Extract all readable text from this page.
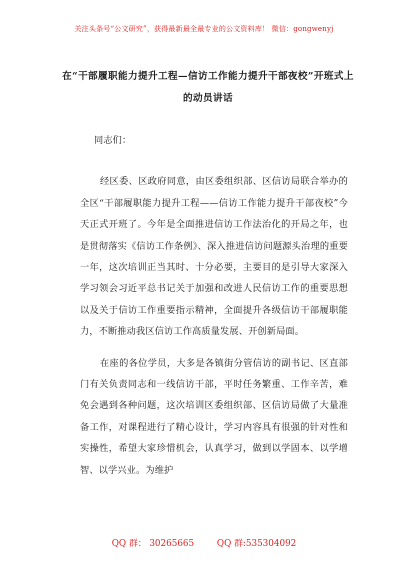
关注头条号“公文研究”，获得最新最全最专业的公文资料库！ 微信：gongwenyj
在“干部履职能力提升工程—信访工作能力提升干部夜校”开班式上的动员讲话

同志们：

经区委、区政府同意，由区委组织部、区信访局联合举办的全区“干部履职能力提升工程——信访工作能力提升干部夜校”今天正式开班了。今年是全面推进信访工作法治化的开局之年，也是贯彻落实《信访工作条例》、深入推进信访问题源头治理的重要一年，这次培训正当其时、十分必要，主要目的是引导大家深入学习领会习近平总书记关于加强和改进人民信访工作的重要思想以及关于信访工作重要指示精神，全面提升各级信访干部履职能力，不断推动我区信访工作高质量发展、开创新局面。

在座的各位学员，大多是各镇街分管信访的副书记、区直部门有关负责同志和一线信访干部，平时任务繁重、工作辛苦，难免会遇到各种问题，这次培训区委组织部、区信访局做了大量准备工作，对课程进行了精心设计，学习内容具有很强的针对性和实操性，希望大家珍惜机会，认真学习，做到以学固本、以学增智、以学兴业。为维护

QQ 群： 30265665	QQ 群:535304092
